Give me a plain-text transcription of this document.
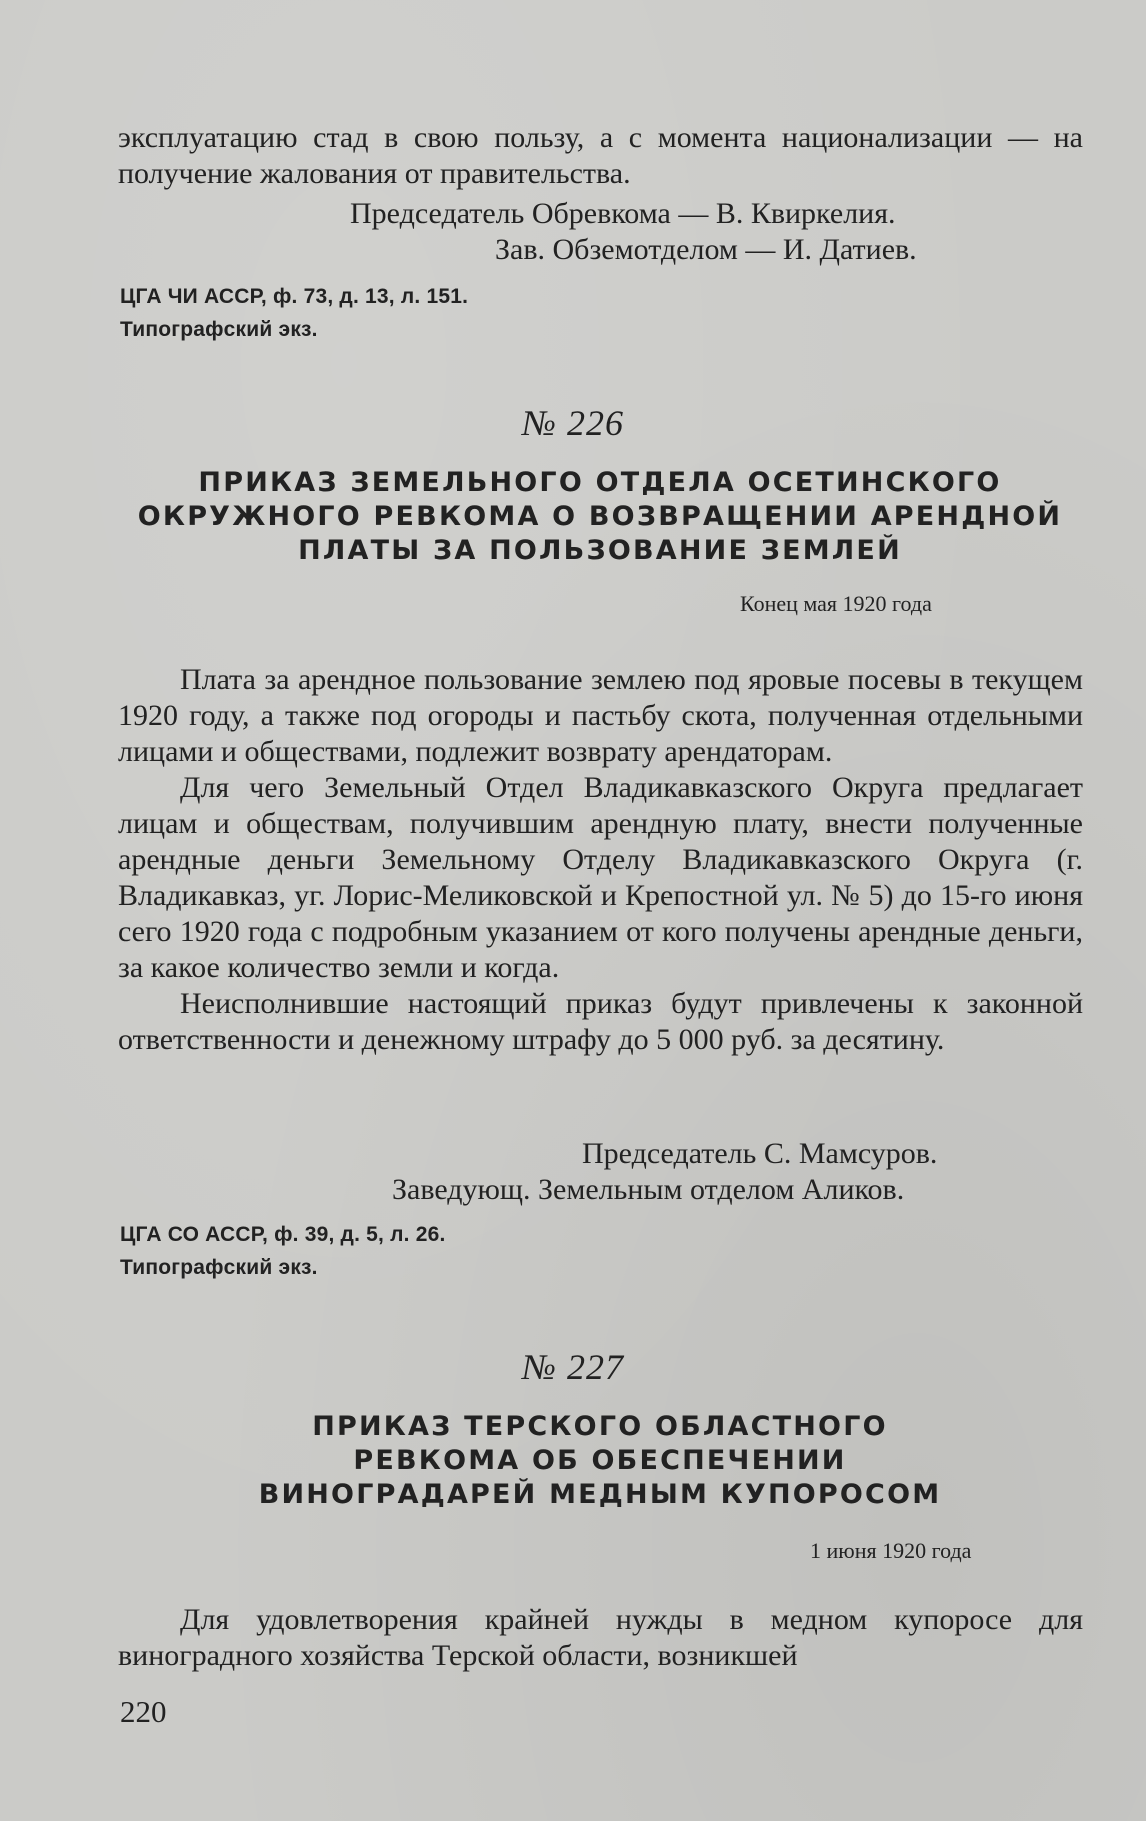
эксплуатацию стад в свою пользу, а с момента национализации — на получение жалования от правительства.

Председатель Обревкома — В. Квиркелия.
Зав. Обземотделом — И. Датиев.
ЦГА ЧИ АССР, ф. 73, д. 13, л. 151.
Типографский экз.
№ 226
ПРИКАЗ ЗЕМЕЛЬНОГО ОТДЕЛА ОСЕТИНСКОГО ОКРУЖНОГО РЕВКОМА О ВОЗВРАЩЕНИИ АРЕНДНОЙ ПЛАТЫ ЗА ПОЛЬЗОВАНИЕ ЗЕМЛЕЙ
Конец мая 1920 года

Плата за арендное пользование землею под яровые посевы в текущем 1920 году, а также под огороды и пастьбу скота, полученная отдельными лицами и обществами, подлежит возврату арендаторам.

Для чего Земельный Отдел Владикавказского Округа предлагает лицам и обществам, получившим арендную плату, внести полученные арендные деньги Земельному Отделу Владикавказского Округа (г. Владикавказ, уг. Лорис-Меликовской и Крепостной ул. № 5) до 15-го июня сего 1920 года с подробным указанием от кого получены арендные деньги, за какое количество земли и когда.

Неисполнившие настоящий приказ будут привлечены к законной ответственности и денежному штрафу до 5 000 руб. за десятину.

Председатель С. Мамсуров.
Заведующ. Земельным отделом Аликов.
ЦГА СО АССР, ф. 39, д. 5, л. 26.
Типографский экз.
№ 227
ПРИКАЗ ТЕРСКОГО ОБЛАСТНОГО РЕВКОМА ОБ ОБЕСПЕЧЕНИИ ВИНОГРАДАРЕЙ МЕДНЫМ КУПОРОСОМ
1 июня 1920 года

Для удовлетворения крайней нужды в медном купоросе для виноградного хозяйства Терской области, возникшей

220
